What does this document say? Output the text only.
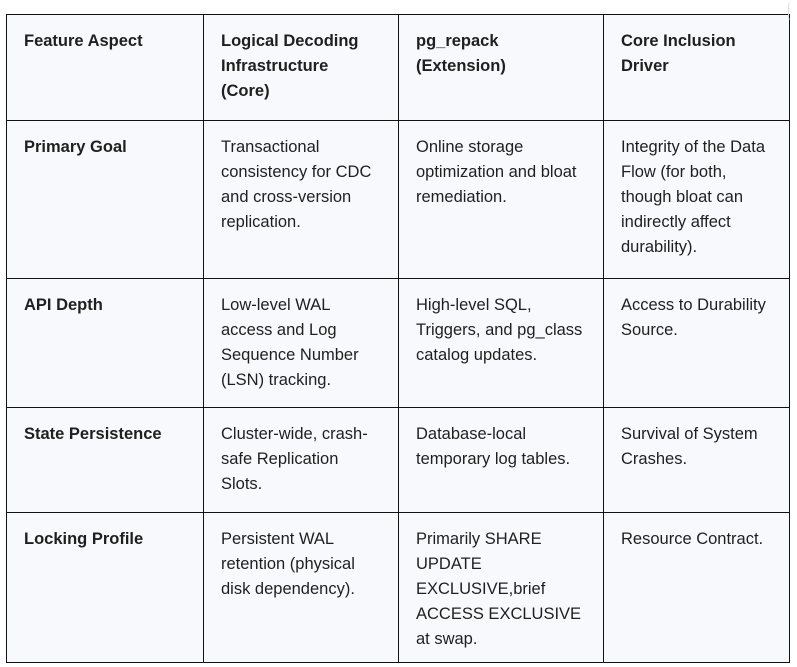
Feature Aspect	Logical Decoding Infrastructure (Core)	pg_repack (Extension)	Core Inclusion Driver
Primary Goal	Transactional consistency for CDC and cross-version replication.	Online storage optimization and bloat remediation.	Integrity of the Data Flow (for both, though bloat can indirectly affect durability).
API Depth	Low-level WAL access and Log Sequence Number (LSN) tracking.	High-level SQL, Triggers, and pg_class catalog updates.	Access to Durability Source.
State Persistence	Cluster-wide, crash-safe Replication Slots.	Database-local temporary log tables.	Survival of System Crashes.
Locking Profile	Persistent WAL retention (physical disk dependency).	Primarily SHARE UPDATE EXCLUSIVE,brief ACCESS EXCLUSIVE at swap.	Resource Contract.
